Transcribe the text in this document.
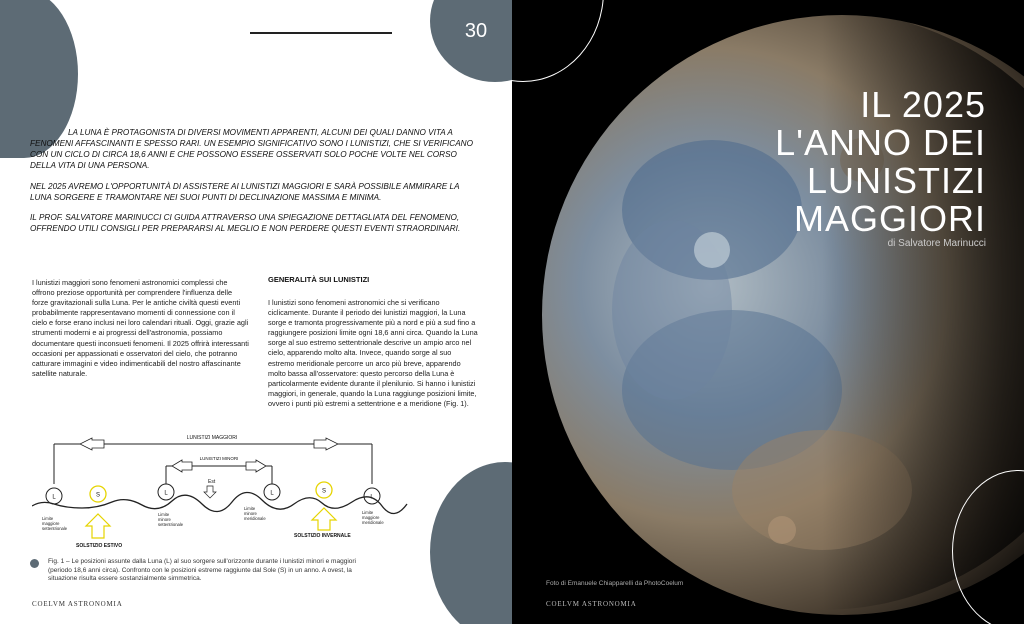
30

LA LUNA È PROTAGONISTA DI DIVERSI MOVIMENTI APPARENTI, ALCUNI DEI QUALI DANNO VITA A FENOMENI AFFASCINANTI E SPESSO RARI. UN ESEMPIO SIGNIFICATIVO SONO I LUNISTIZI, CHE SI VERIFICANO CON UN CICLO DI CIRCA 18,6 ANNI E CHE POSSONO ESSERE OSSERVATI SOLO POCHE VOLTE NEL CORSO DELLA VITA DI UNA PERSONA.

NEL 2025 AVREMO L'OPPORTUNITÀ DI ASSISTERE AI LUNISTIZI MAGGIORI E SARÀ POSSIBILE AMMIRARE LA LUNA SORGERE E TRAMONTARE NEI SUOI PUNTI DI DECLINAZIONE MASSIMA E MINIMA.

IL PROF. SALVATORE MARINUCCI CI GUIDA ATTRAVERSO UNA SPIEGAZIONE DETTAGLIATA DEL FENOMENO, OFFRENDO UTILI CONSIGLI PER PREPARARSI AL MEGLIO E NON PERDERE QUESTI EVENTI STRAORDINARI.

I lunistizi maggiori sono fenomeni astronomici complessi che offrono preziose opportunità per comprendere l'influenza delle forze gravitazionali sulla Luna. Per le antiche civiltà questi eventi probabilmente rappresentavano momenti di connessione con il cielo e forse erano inclusi nei loro calendari rituali. Oggi, grazie agli strumenti moderni e ai progressi dell'astronomia, possiamo documentare questi inconsueti fenomeni. Il 2025 offrirà interessanti occasioni per appassionati e osservatori del cielo, che potranno catturare immagini e video indimenticabili del nostro affascinante satellite naturale.

GENERALITÀ SUI LUNISTIZI

I lunistizi sono fenomeni astronomici che si verificano ciclicamente. Durante il periodo dei lunistizi maggiori, la Luna sorge e tramonta progressivamente più a nord e più a sud fino a raggiungere posizioni limite ogni 18,6 anni circa. Quando la Luna sorge al suo estremo settentrionale descrive un ampio arco nel cielo, apparendo molto alta. Invece, quando sorge al suo estremo meridionale percorre un arco più breve, apparendo molto bassa all'osservatore: questo percorso della Luna è particolarmente evidente durante il plenilunio. Si hanno i lunistizi maggiori, in generale, quando la Luna raggiunge posizioni limite, ovvero i punti più estremi a settentrione e a meridione (Fig. 1).

LUNISTIZI MAGGIORI
LUNISTIZI MINORI
L	S	L	L	S
L
Est
Limite maggiore settentrionale
Limite minore settentrionale
Limite minore meridionale
Limite maggiore meridionale
SOLSTIZIO ESTIVO
SOLSTIZIO INVERNALE
Fig. 1 – Le posizioni assunte dalla Luna (L) al suo sorgere sull'orizzonte durante i lunistizi minori e maggiori (periodo 18,6 anni circa). Confronto con le posizioni estreme raggiunte dal Sole (S) in un anno. A ovest, la situazione risulta essere sostanzialmente simmetrica.
COELVM ASTRONOMIA
IL 2025
L'ANNO DEI
LUNISTIZI
MAGGIORI
di Salvatore Marinucci
Foto di Emanuele Chiapparelli da PhotoCoelum
COELVM ASTRONOMIA
